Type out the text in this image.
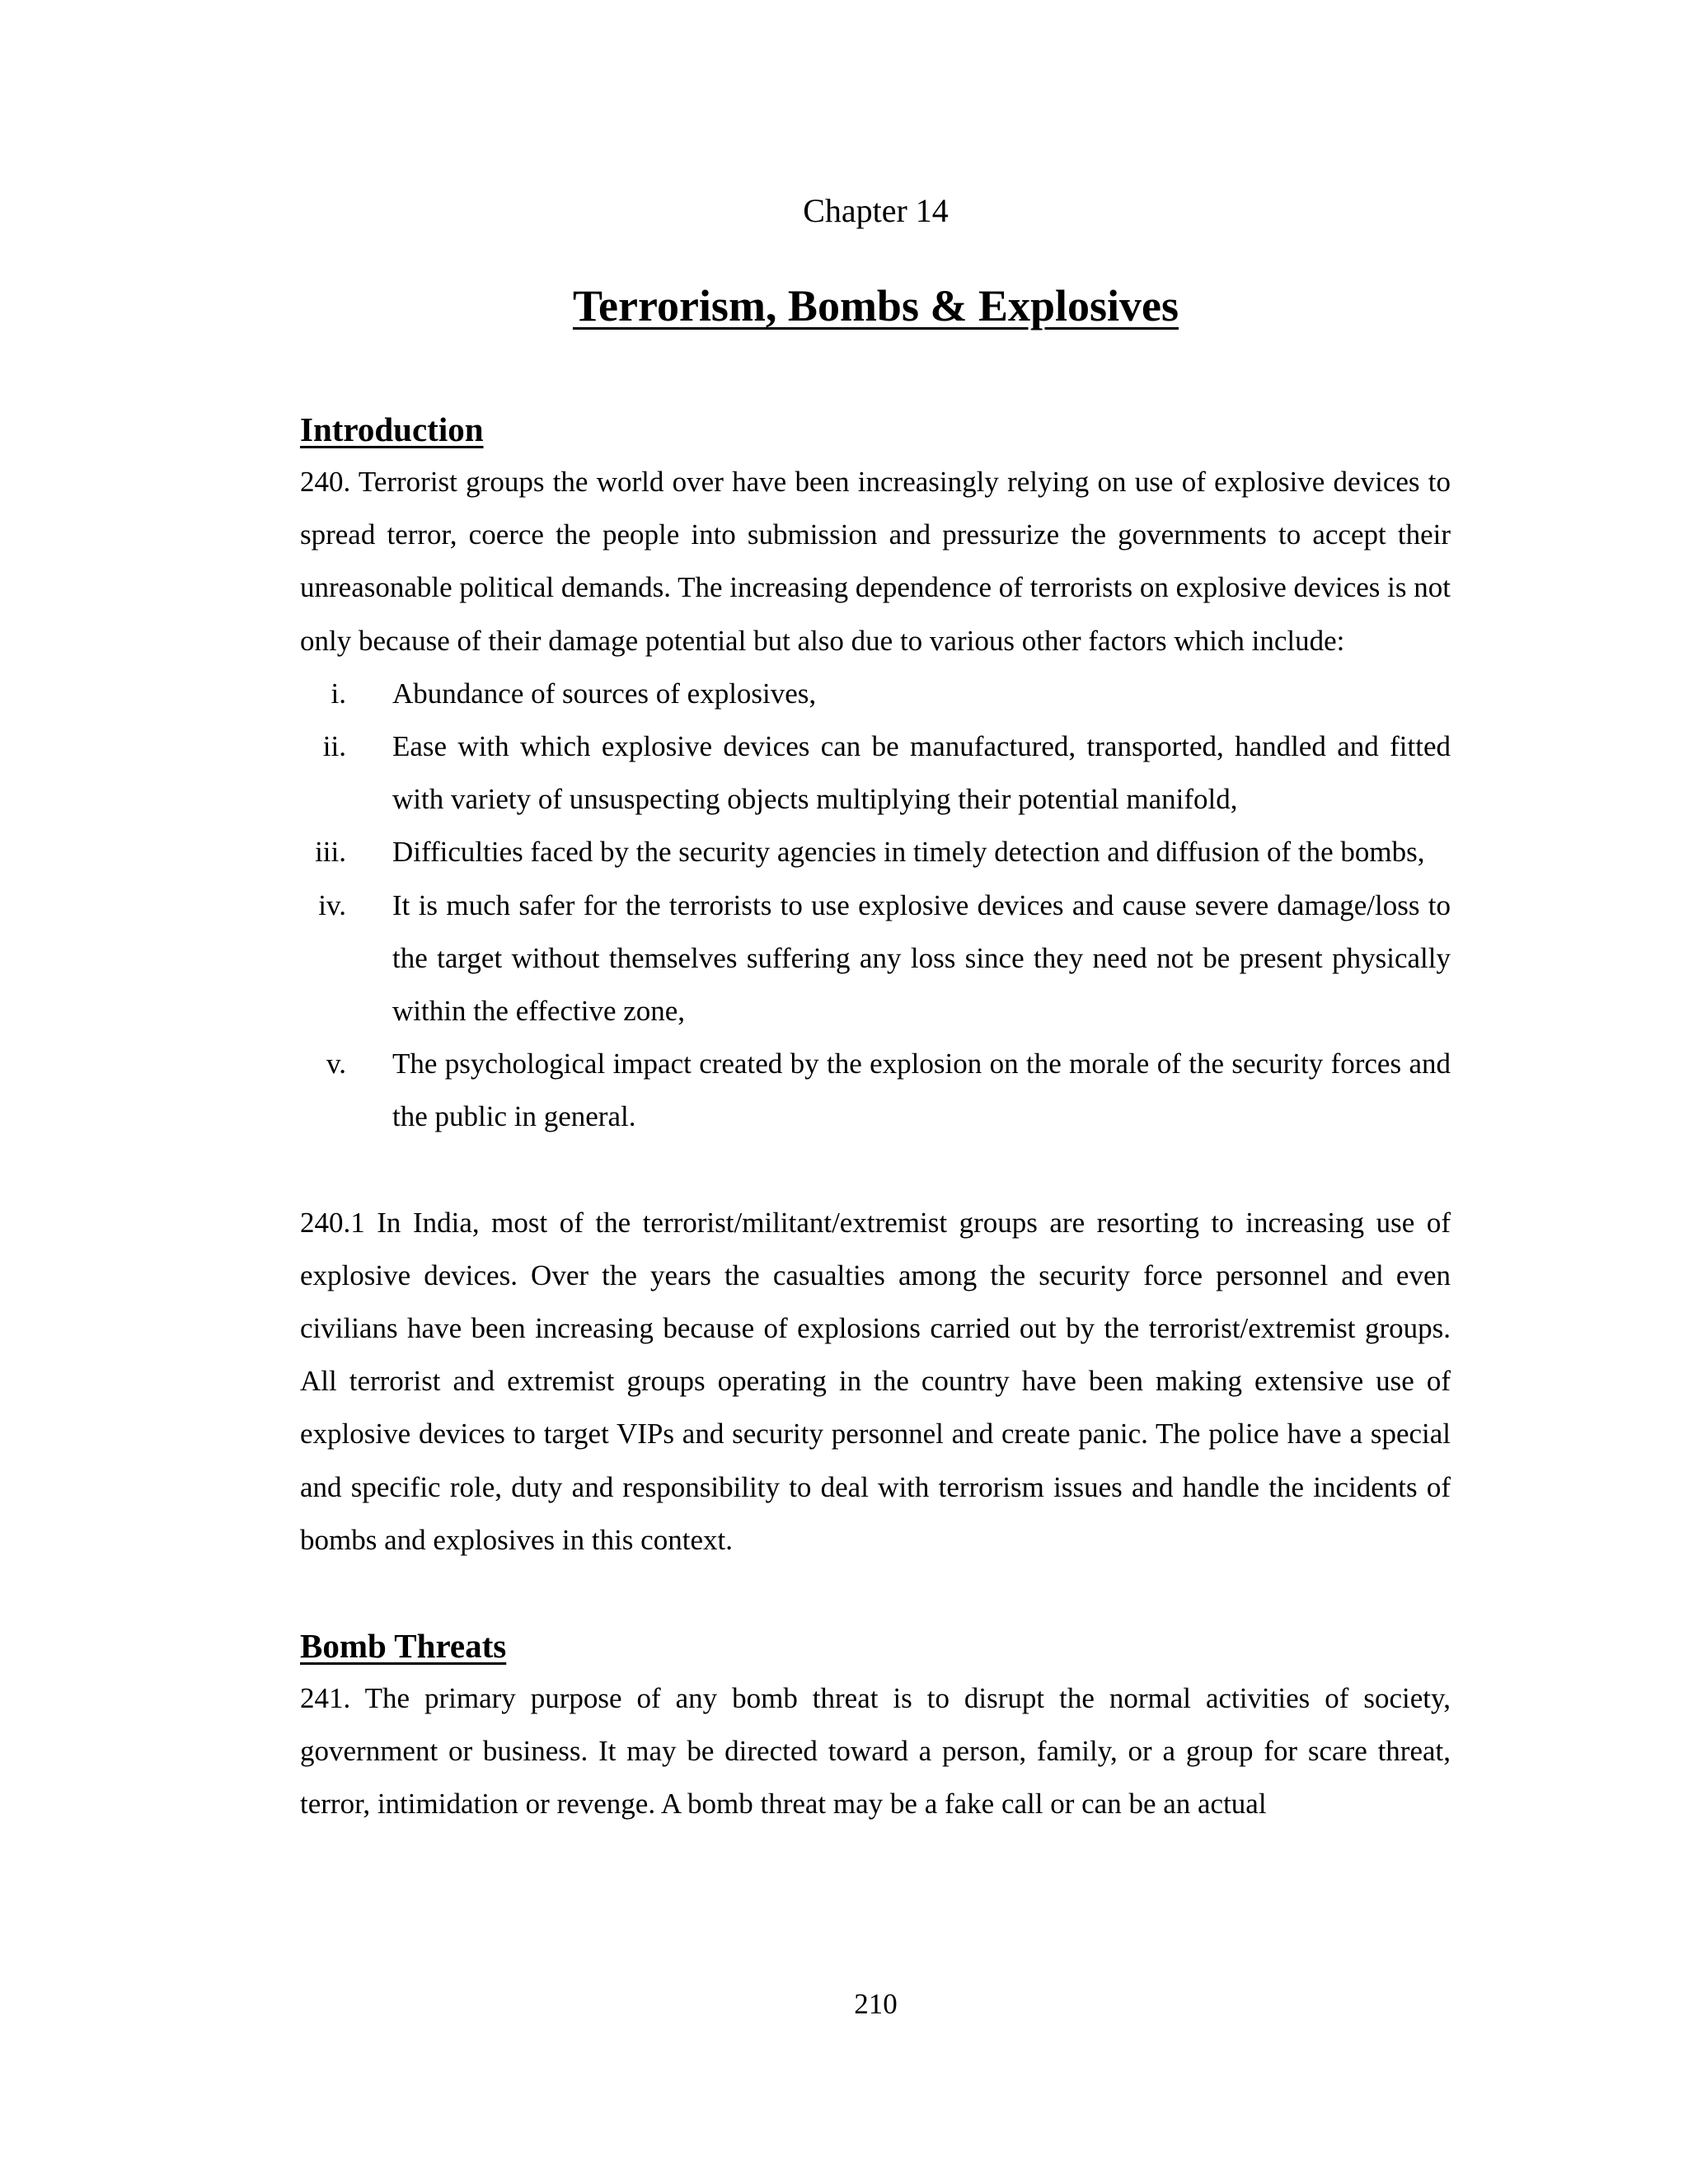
Chapter 14
Terrorism, Bombs & Explosives
Introduction

240. Terrorist groups the world over have been increasingly relying on use of explosive devices to spread terror, coerce the people into submission and pressurize the governments to accept their unreasonable political demands. The increasing dependence of terrorists on explosive devices is not only because of their damage potential but also due to various other factors which include:

i. Abundance of sources of explosives,
ii. Ease with which explosive devices can be manufactured, transported, handled and fitted with variety of unsuspecting objects multiplying their potential manifold,
iii. Difficulties faced by the security agencies in timely detection and diffusion of the bombs,
iv. It is much safer for the terrorists to use explosive devices and cause severe damage/loss to the target without themselves suffering any loss since they need not be present physically within the effective zone,
v. The psychological impact created by the explosion on the morale of the security forces and the public in general.

240.1 In India, most of the terrorist/militant/extremist groups are resorting to increasing use of explosive devices. Over the years the casualties among the security force personnel and even civilians have been increasing because of explosions carried out by the terrorist/extremist groups. All terrorist and extremist groups operating in the country have been making extensive use of explosive devices to target VIPs and security personnel and create panic. The police have a special and specific role, duty and responsibility to deal with terrorism issues and handle the incidents of bombs and explosives in this context.

Bomb Threats

241. The primary purpose of any bomb threat is to disrupt the normal activities of society, government or business. It may be directed toward a person, family, or a group for scare threat, terror, intimidation or revenge. A bomb threat may be a fake call or can be an actual

210
